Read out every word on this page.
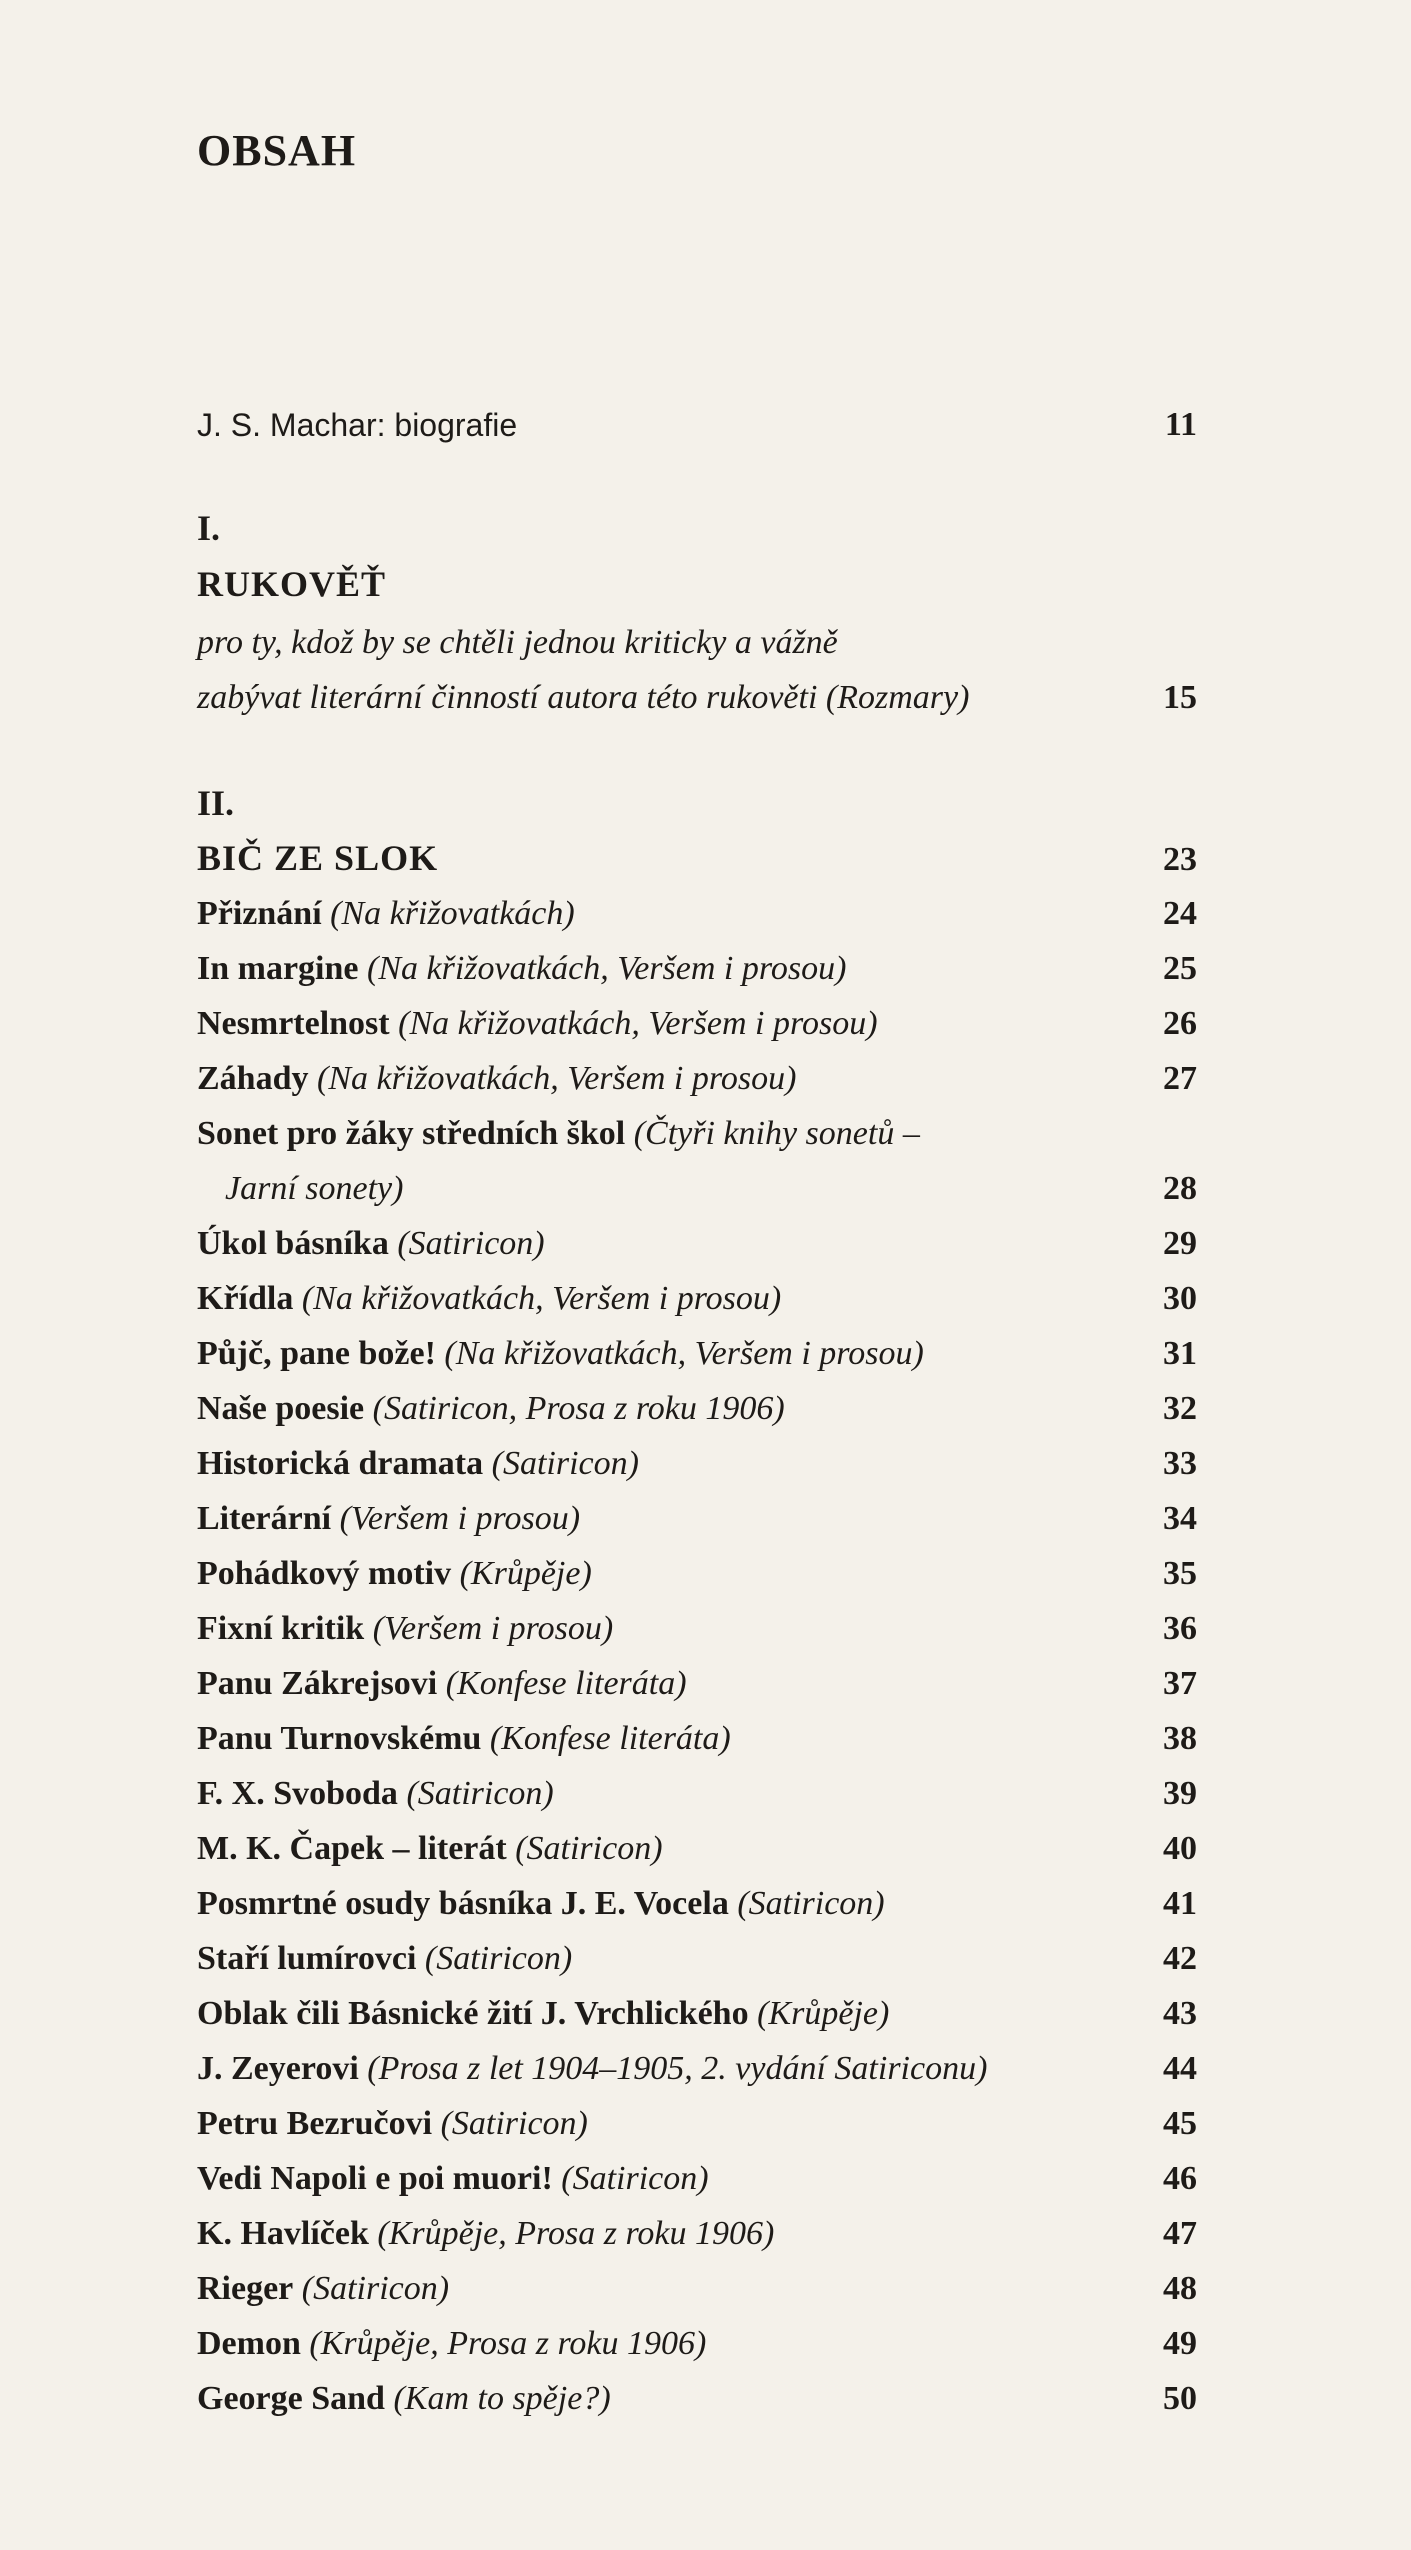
OBSAH
J. S. Machar: biografie	11
I.
RUKOVĚŤ
pro ty, kdož by se chtěli jednou kriticky a vážně
zabývat literární činností autora této rukověti (Rozmary)	15
II.
BIČ ZE SLOK	23
Přiznání (Na křižovatkách)	24
In margine (Na křižovatkách, Veršem i prosou)	25
Nesmrtelnost (Na křižovatkách, Veršem i prosou)	26
Záhady (Na křižovatkách, Veršem i prosou)	27
Sonet pro žáky středních škol (Čtyři knihy sonetů –
Jarní sonety)	28
Úkol básníka (Satiricon)	29
Křídla (Na křižovatkách, Veršem i prosou)	30
Půjč, pane bože! (Na křižovatkách, Veršem i prosou)	31
Naše poesie (Satiricon, Prosa z roku 1906)	32
Historická dramata (Satiricon)	33
Literární (Veršem i prosou)	34
Pohádkový motiv (Krůpěje)	35
Fixní kritik (Veršem i prosou)	36
Panu Zákrejsovi (Konfese literáta)	37
Panu Turnovskému (Konfese literáta)	38
F. X. Svoboda (Satiricon)	39
M. K. Čapek – literát (Satiricon)	40
Posmrtné osudy básníka J. E. Vocela (Satiricon)	41
Staří lumírovci (Satiricon)	42
Oblak čili Básnické žití J. Vrchlického (Krůpěje)	43
J. Zeyerovi (Prosa z let 1904–1905, 2. vydání Satiriconu)	44
Petru Bezručovi (Satiricon)	45
Vedi Napoli e poi muori! (Satiricon)	46
K. Havlíček (Krůpěje, Prosa z roku 1906)	47
Rieger (Satiricon)	48
Demon (Krůpěje, Prosa z roku 1906)	49
George Sand (Kam to spěje?)	50
